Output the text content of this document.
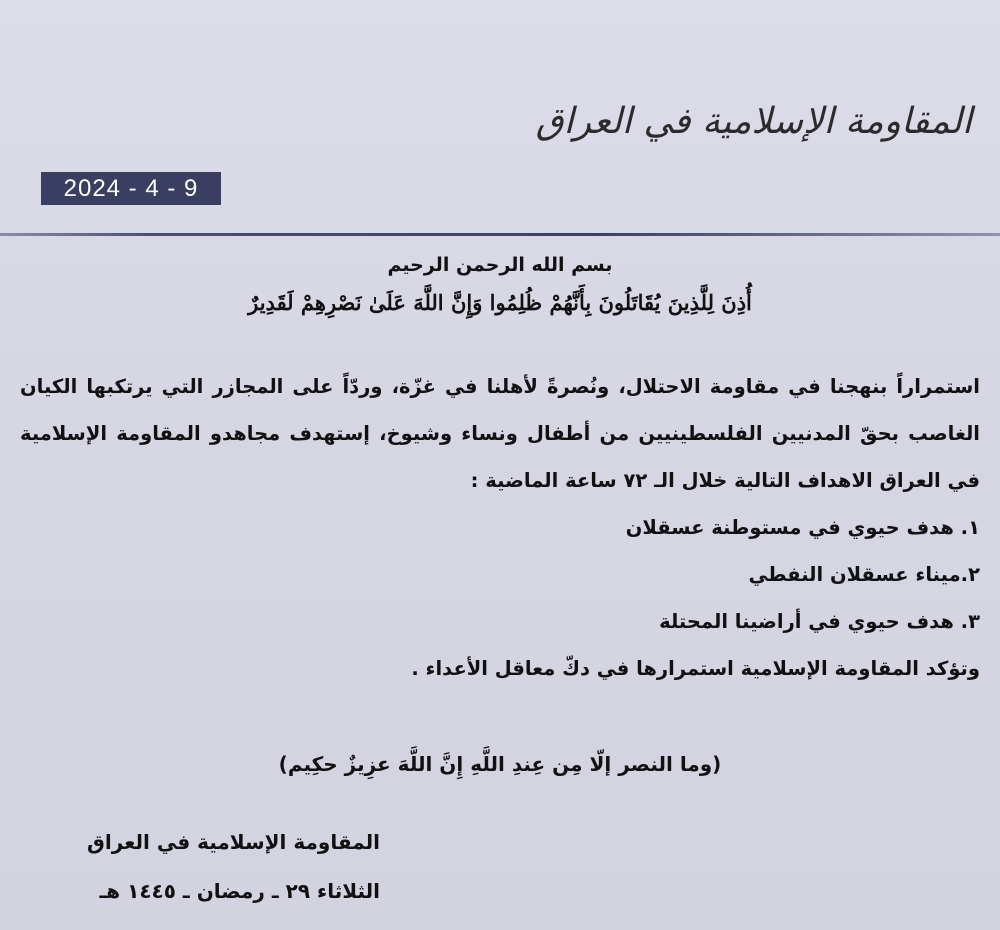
المقاومة الإسلامية في العراق
2024 - 4 - 9
بسم الله الرحمن الرحيم
أُذِنَ لِلَّذِينَ يُقَاتَلُونَ بِأَنَّهُمْ ظُلِمُوا وَإِنَّ اللَّهَ عَلَىٰ نَصْرِهِمْ لَقَدِيرٌ
استمراراً بنهجنا في مقاومة الاحتلال، ونُصرةً لأهلنا في غزّة، وردّاً على المجازر التي يرتكبها الكيان الغاصب بحقّ المدنيين الفلسطينيين من أطفال ونساء وشيوخ، إستهدف مجاهدو المقاومة الإسلامية في العراق الاهداف التالية خلال الـ ٧٢ ساعة الماضية :
١. هدف حيوي في مستوطنة عسقلان
٢.ميناء عسقلان النفطي
٣. هدف حيوي في أراضينا المحتلة
وتؤكد المقاومة الإسلامية استمرارها في دكّ معاقل الأعداء .
(وما النصر إلّا مِن عِندِ اللَّهِ إِنَّ اللَّهَ عزِيزٌ حكِيم)
المقاومة الإسلامية في العراق
الثلاثاء ٢٩ ـ رمضان ـ ١٤٤٥ هـ
